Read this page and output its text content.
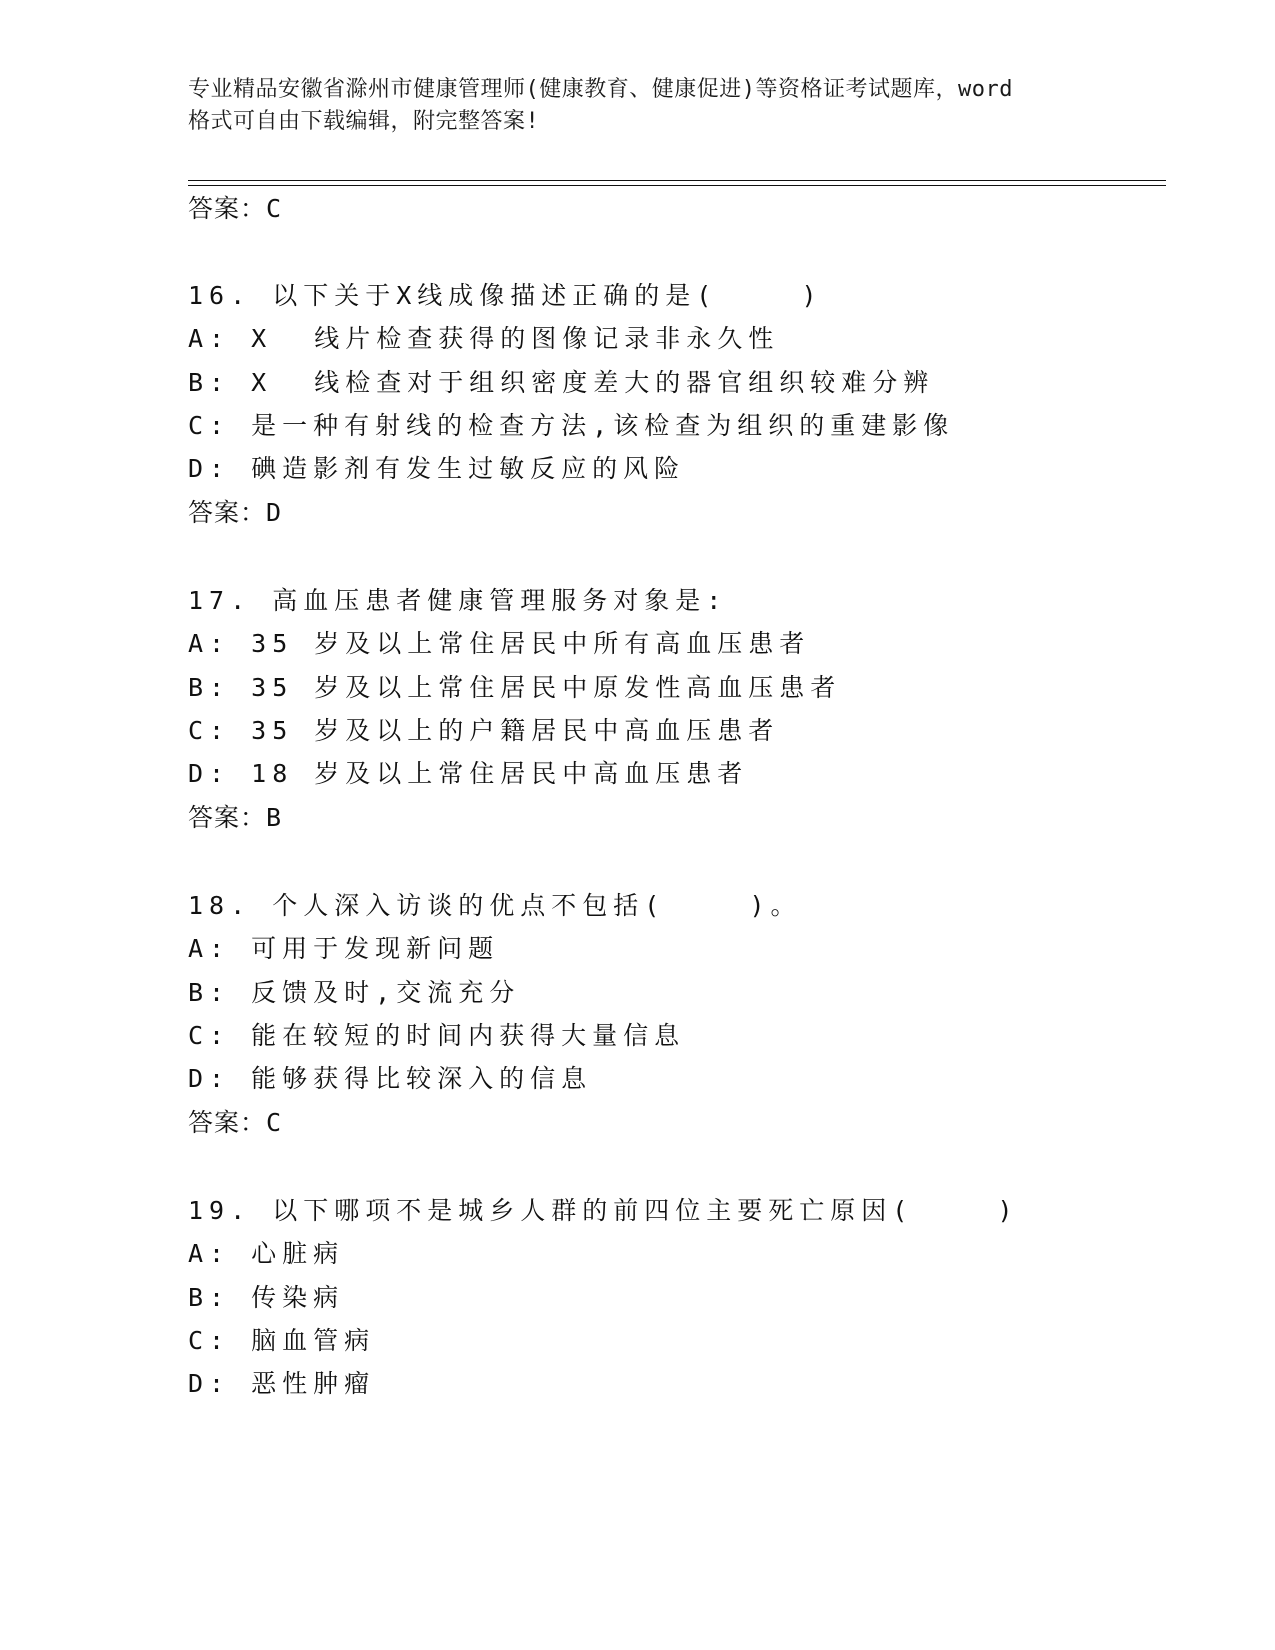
专业精品安徽省滁州市健康管理师(健康教育、健康促进)等资格证考试题库，word
格式可自由下载编辑，附完整答案!
答案：C
16. 以下关于X线成像描述正确的是(    )
A: X  线片检查获得的图像记录非永久性
B: X  线检查对于组织密度差大的器官组织较难分辨
C: 是一种有射线的检查方法,该检查为组织的重建影像
D: 碘造影剂有发生过敏反应的风险
答案：D
17. 高血压患者健康管理服务对象是:
A: 35 岁及以上常住居民中所有高血压患者
B: 35 岁及以上常住居民中原发性高血压患者
C: 35 岁及以上的户籍居民中高血压患者
D: 18 岁及以上常住居民中高血压患者
答案：B
18. 个人深入访谈的优点不包括(    )。
A: 可用于发现新问题
B: 反馈及时,交流充分
C: 能在较短的时间内获得大量信息
D: 能够获得比较深入的信息
答案：C
19. 以下哪项不是城乡人群的前四位主要死亡原因(    )
A: 心脏病
B: 传染病
C: 脑血管病
D: 恶性肿瘤
